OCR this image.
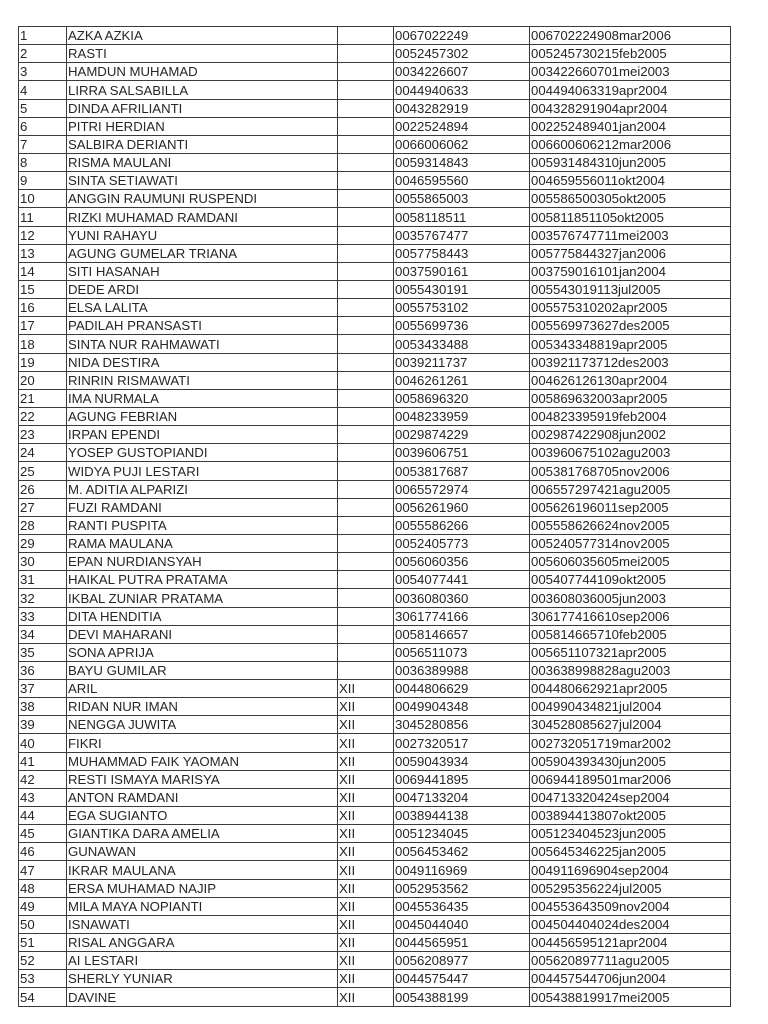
1	AZKA AZKIA		0067022249	006702224908mar2006
2	RASTI		0052457302	005245730215feb2005
3	HAMDUN MUHAMAD		0034226607	003422660701mei2003
4	LIRRA SALSABILLA		0044940633	004494063319apr2004
5	DINDA AFRILIANTI		0043282919	004328291904apr2004
6	PITRI HERDIAN		0022524894	002252489401jan2004
7	SALBIRA DERIANTI		0066006062	006600606212mar2006
8	RISMA MAULANI		0059314843	005931484310jun2005
9	SINTA SETIAWATI		0046595560	004659556011okt2004
10	ANGGIN RAUMUNI RUSPENDI		0055865003	005586500305okt2005
11	RIZKI MUHAMAD RAMDANI		0058118511	005811851105okt2005
12	YUNI RAHAYU		0035767477	003576747711mei2003
13	AGUNG GUMELAR TRIANA		0057758443	005775844327jan2006
14	SITI HASANAH		0037590161	003759016101jan2004
15	DEDE ARDI		0055430191	005543019113jul2005
16	ELSA LALITA		0055753102	005575310202apr2005
17	PADILAH PRANSASTI		0055699736	005569973627des2005
18	SINTA NUR RAHMAWATI		0053433488	005343348819apr2005
19	NIDA DESTIRA		0039211737	003921173712des2003
20	RINRIN RISMAWATI		0046261261	004626126130apr2004
21	IMA NURMALA		0058696320	005869632003apr2005
22	AGUNG FEBRIAN		0048233959	004823395919feb2004
23	IRPAN EPENDI		0029874229	002987422908jun2002
24	YOSEP GUSTOPIANDI		0039606751	003960675102agu2003
25	WIDYA PUJI LESTARI		0053817687	005381768705nov2006
26	M. ADITIA ALPARIZI		0065572974	006557297421agu2005
27	FUZI RAMDANI		0056261960	005626196011sep2005
28	RANTI PUSPITA		0055586266	005558626624nov2005
29	RAMA MAULANA		0052405773	005240577314nov2005
30	EPAN NURDIANSYAH		0056060356	005606035605mei2005
31	HAIKAL PUTRA PRATAMA		0054077441	005407744109okt2005
32	IKBAL ZUNIAR PRATAMA		0036080360	003608036005jun2003
33	DITA HENDITIA		3061774166	306177416610sep2006
34	DEVI MAHARANI		0058146657	005814665710feb2005
35	SONA APRIJA		0056511073	005651107321apr2005
36	BAYU GUMILAR		0036389988	003638998828agu2003
37	ARIL	XII	0044806629	004480662921apr2005
38	RIDAN NUR IMAN	XII	0049904348	004990434821jul2004
39	NENGGA JUWITA	XII	3045280856	304528085627jul2004
40	FIKRI	XII	0027320517	002732051719mar2002
41	MUHAMMAD FAIK YAOMAN	XII	0059043934	005904393430jun2005
42	RESTI ISMAYA MARISYA	XII	0069441895	006944189501mar2006
43	ANTON RAMDANI	XII	0047133204	004713320424sep2004
44	EGA SUGIANTO	XII	0038944138	003894413807okt2005
45	GIANTIKA DARA AMELIA	XII	0051234045	005123404523jun2005
46	GUNAWAN	XII	0056453462	005645346225jan2005
47	IKRAR MAULANA	XII	0049116969	004911696904sep2004
48	ERSA MUHAMAD NAJIP	XII	0052953562	005295356224jul2005
49	MILA MAYA NOPIANTI	XII	0045536435	004553643509nov2004
50	ISNAWATI	XII	0045044040	004504404024des2004
51	RISAL ANGGARA	XII	0044565951	004456595121apr2004
52	AI LESTARI	XII	0056208977	005620897711agu2005
53	SHERLY YUNIAR	XII	0044575447	004457544706jun2004
54	DAVINE	XII	0054388199	005438819917mei2005
